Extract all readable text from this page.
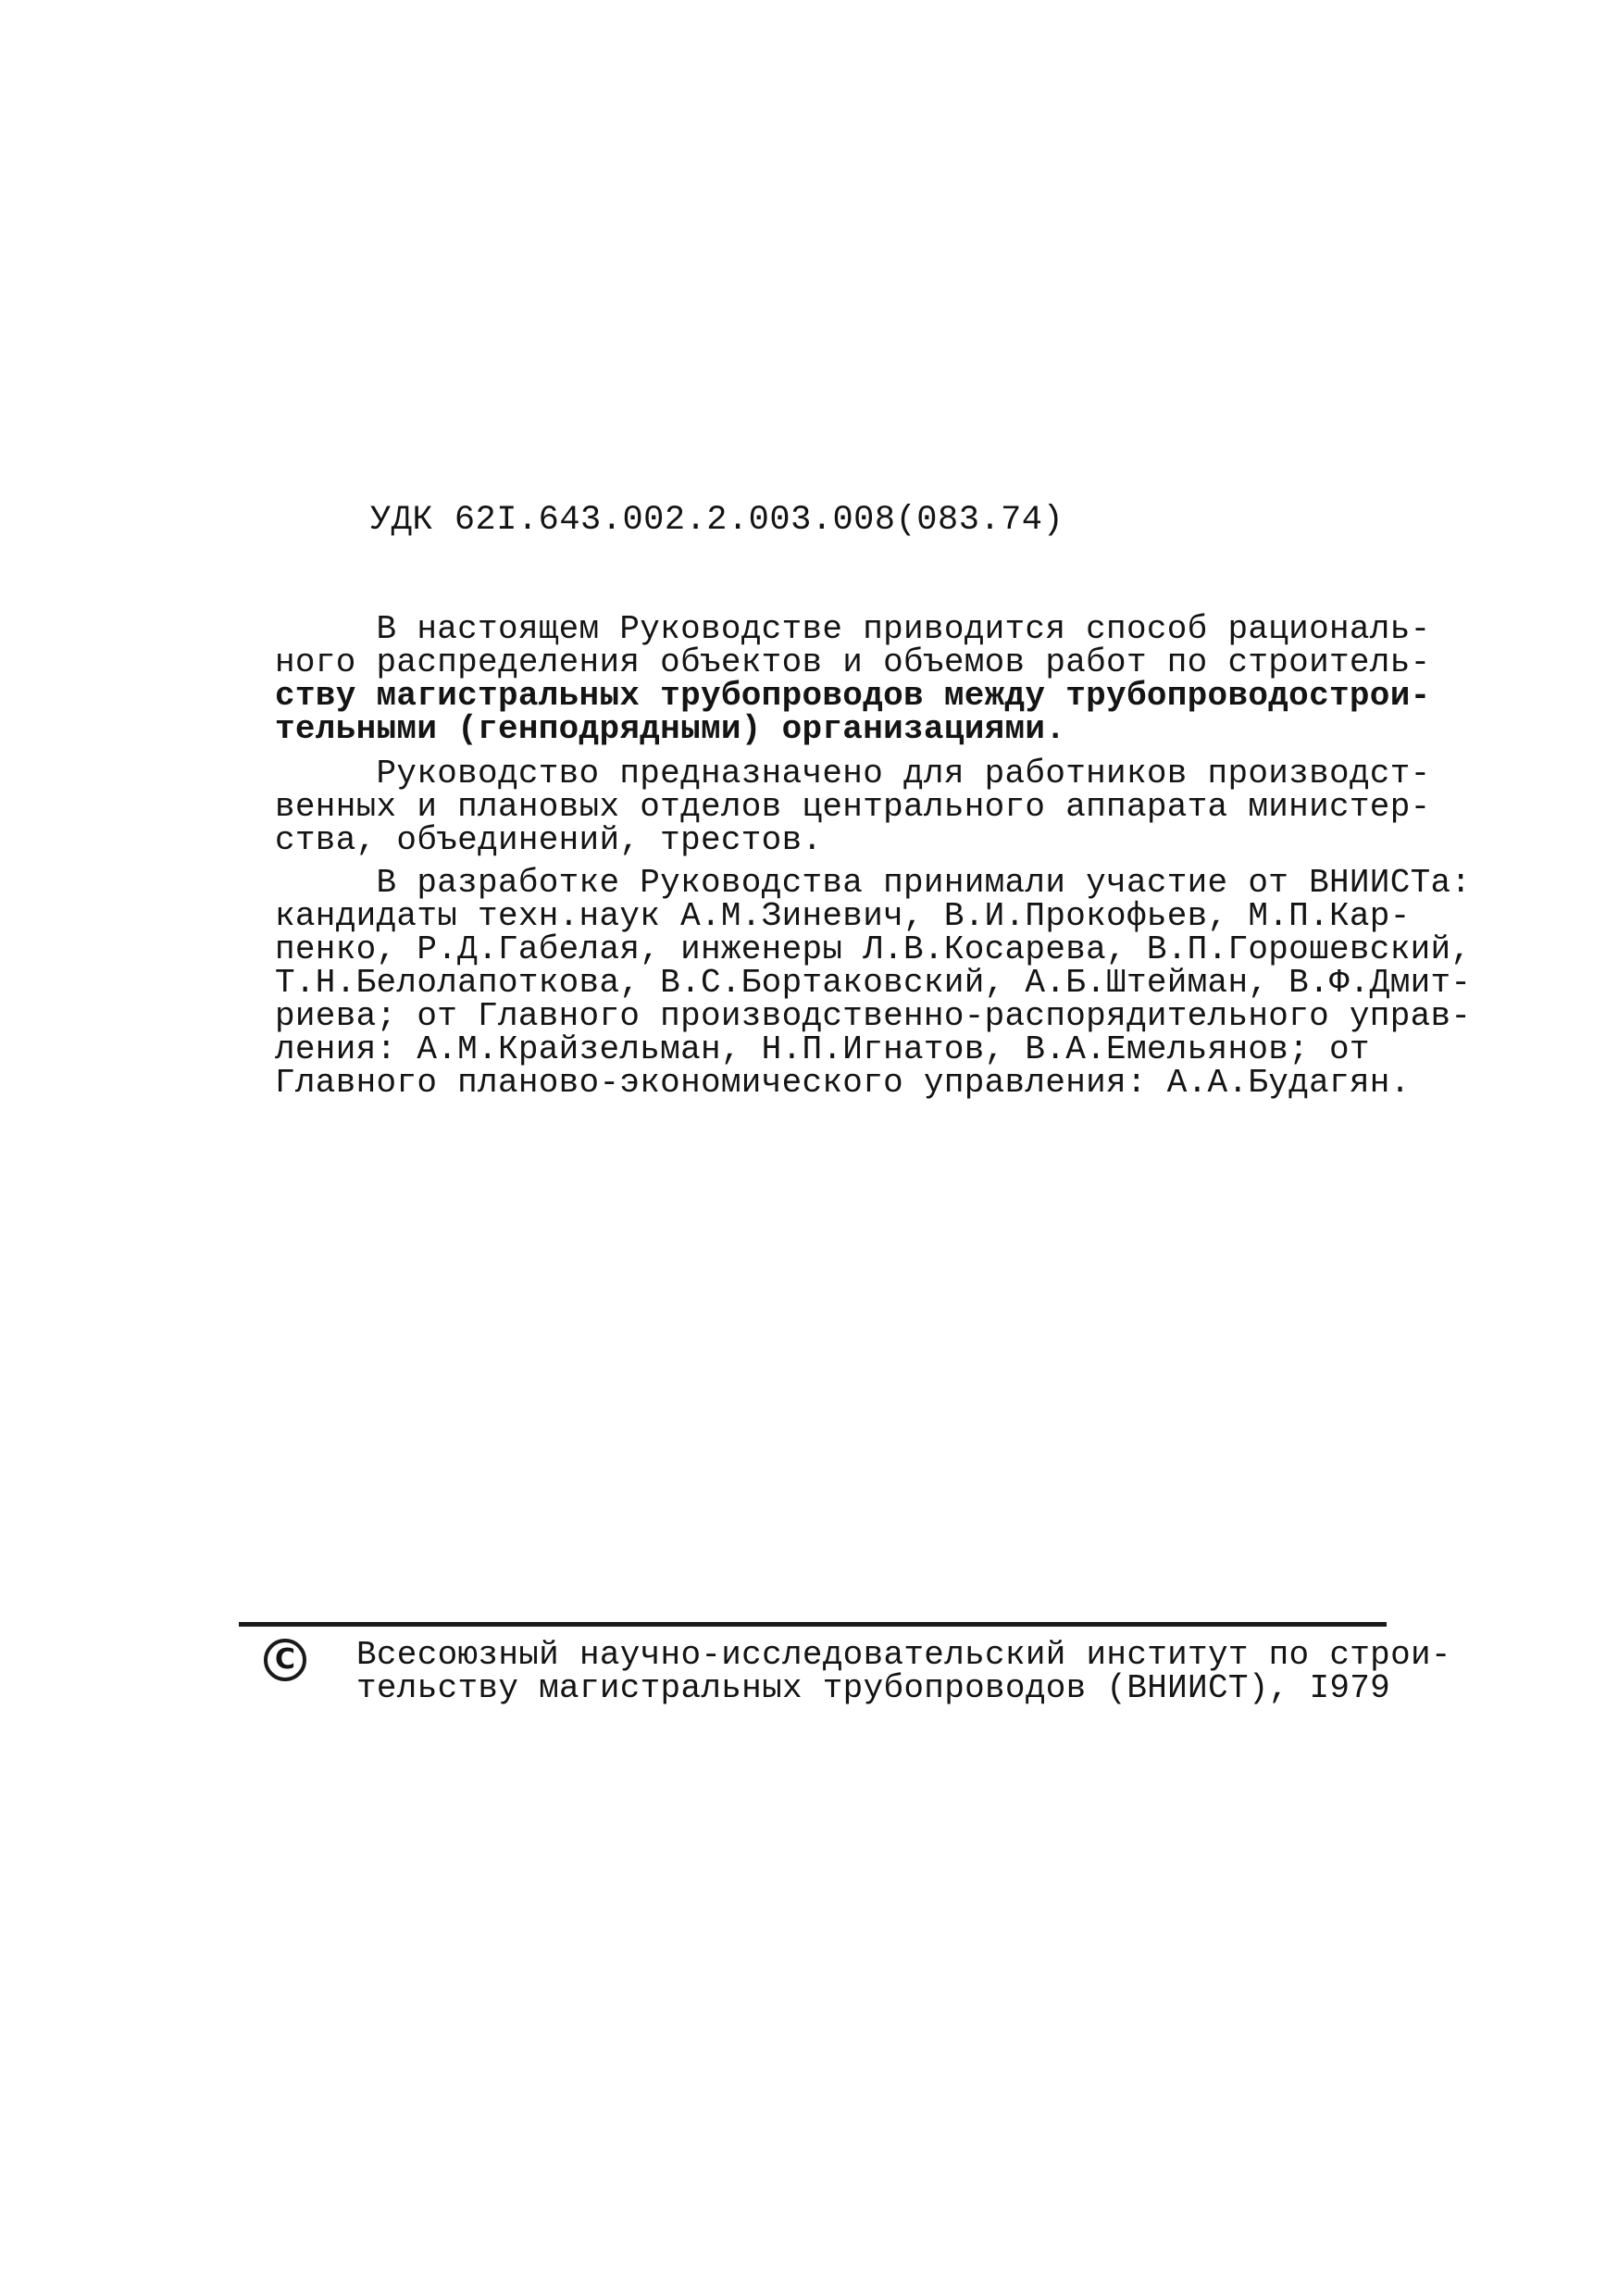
УДК 62I.643.002.2.003.008(083.74)
В настоящем Руководстве приводится способ рациональ-
ного распределения объектов и объемов работ по строитель-
ству магистральных трубопроводов между трубопроводострои-
тельными (генподрядными) организациями.
Руководство предназначено для работников производст-
венных и плановых отделов центрального аппарата министер-
ства, объединений, трестов.
В разработке Руководства принимали участие от ВНИИСТа:
кандидаты техн.наук А.М.Зиневич, В.И.Прокофьев, М.П.Кар-
пенко, Р.Д.Габелая, инженеры Л.В.Косарева, В.П.Горошевский,
Т.Н.Белолапоткова, В.С.Бортаковский, А.Б.Штейман, В.Ф.Дмит-
риева; от Главного производственно-распорядительного управ-
ления: А.М.Крайзельман, Н.П.Игнатов, В.А.Емельянов; от
Главного планово-экономического управления: А.А.Будагян.
C	Всесоюзный научно-исследовательский институт по строи-
тельству магистральных трубопроводов (ВНИИСТ), I979
